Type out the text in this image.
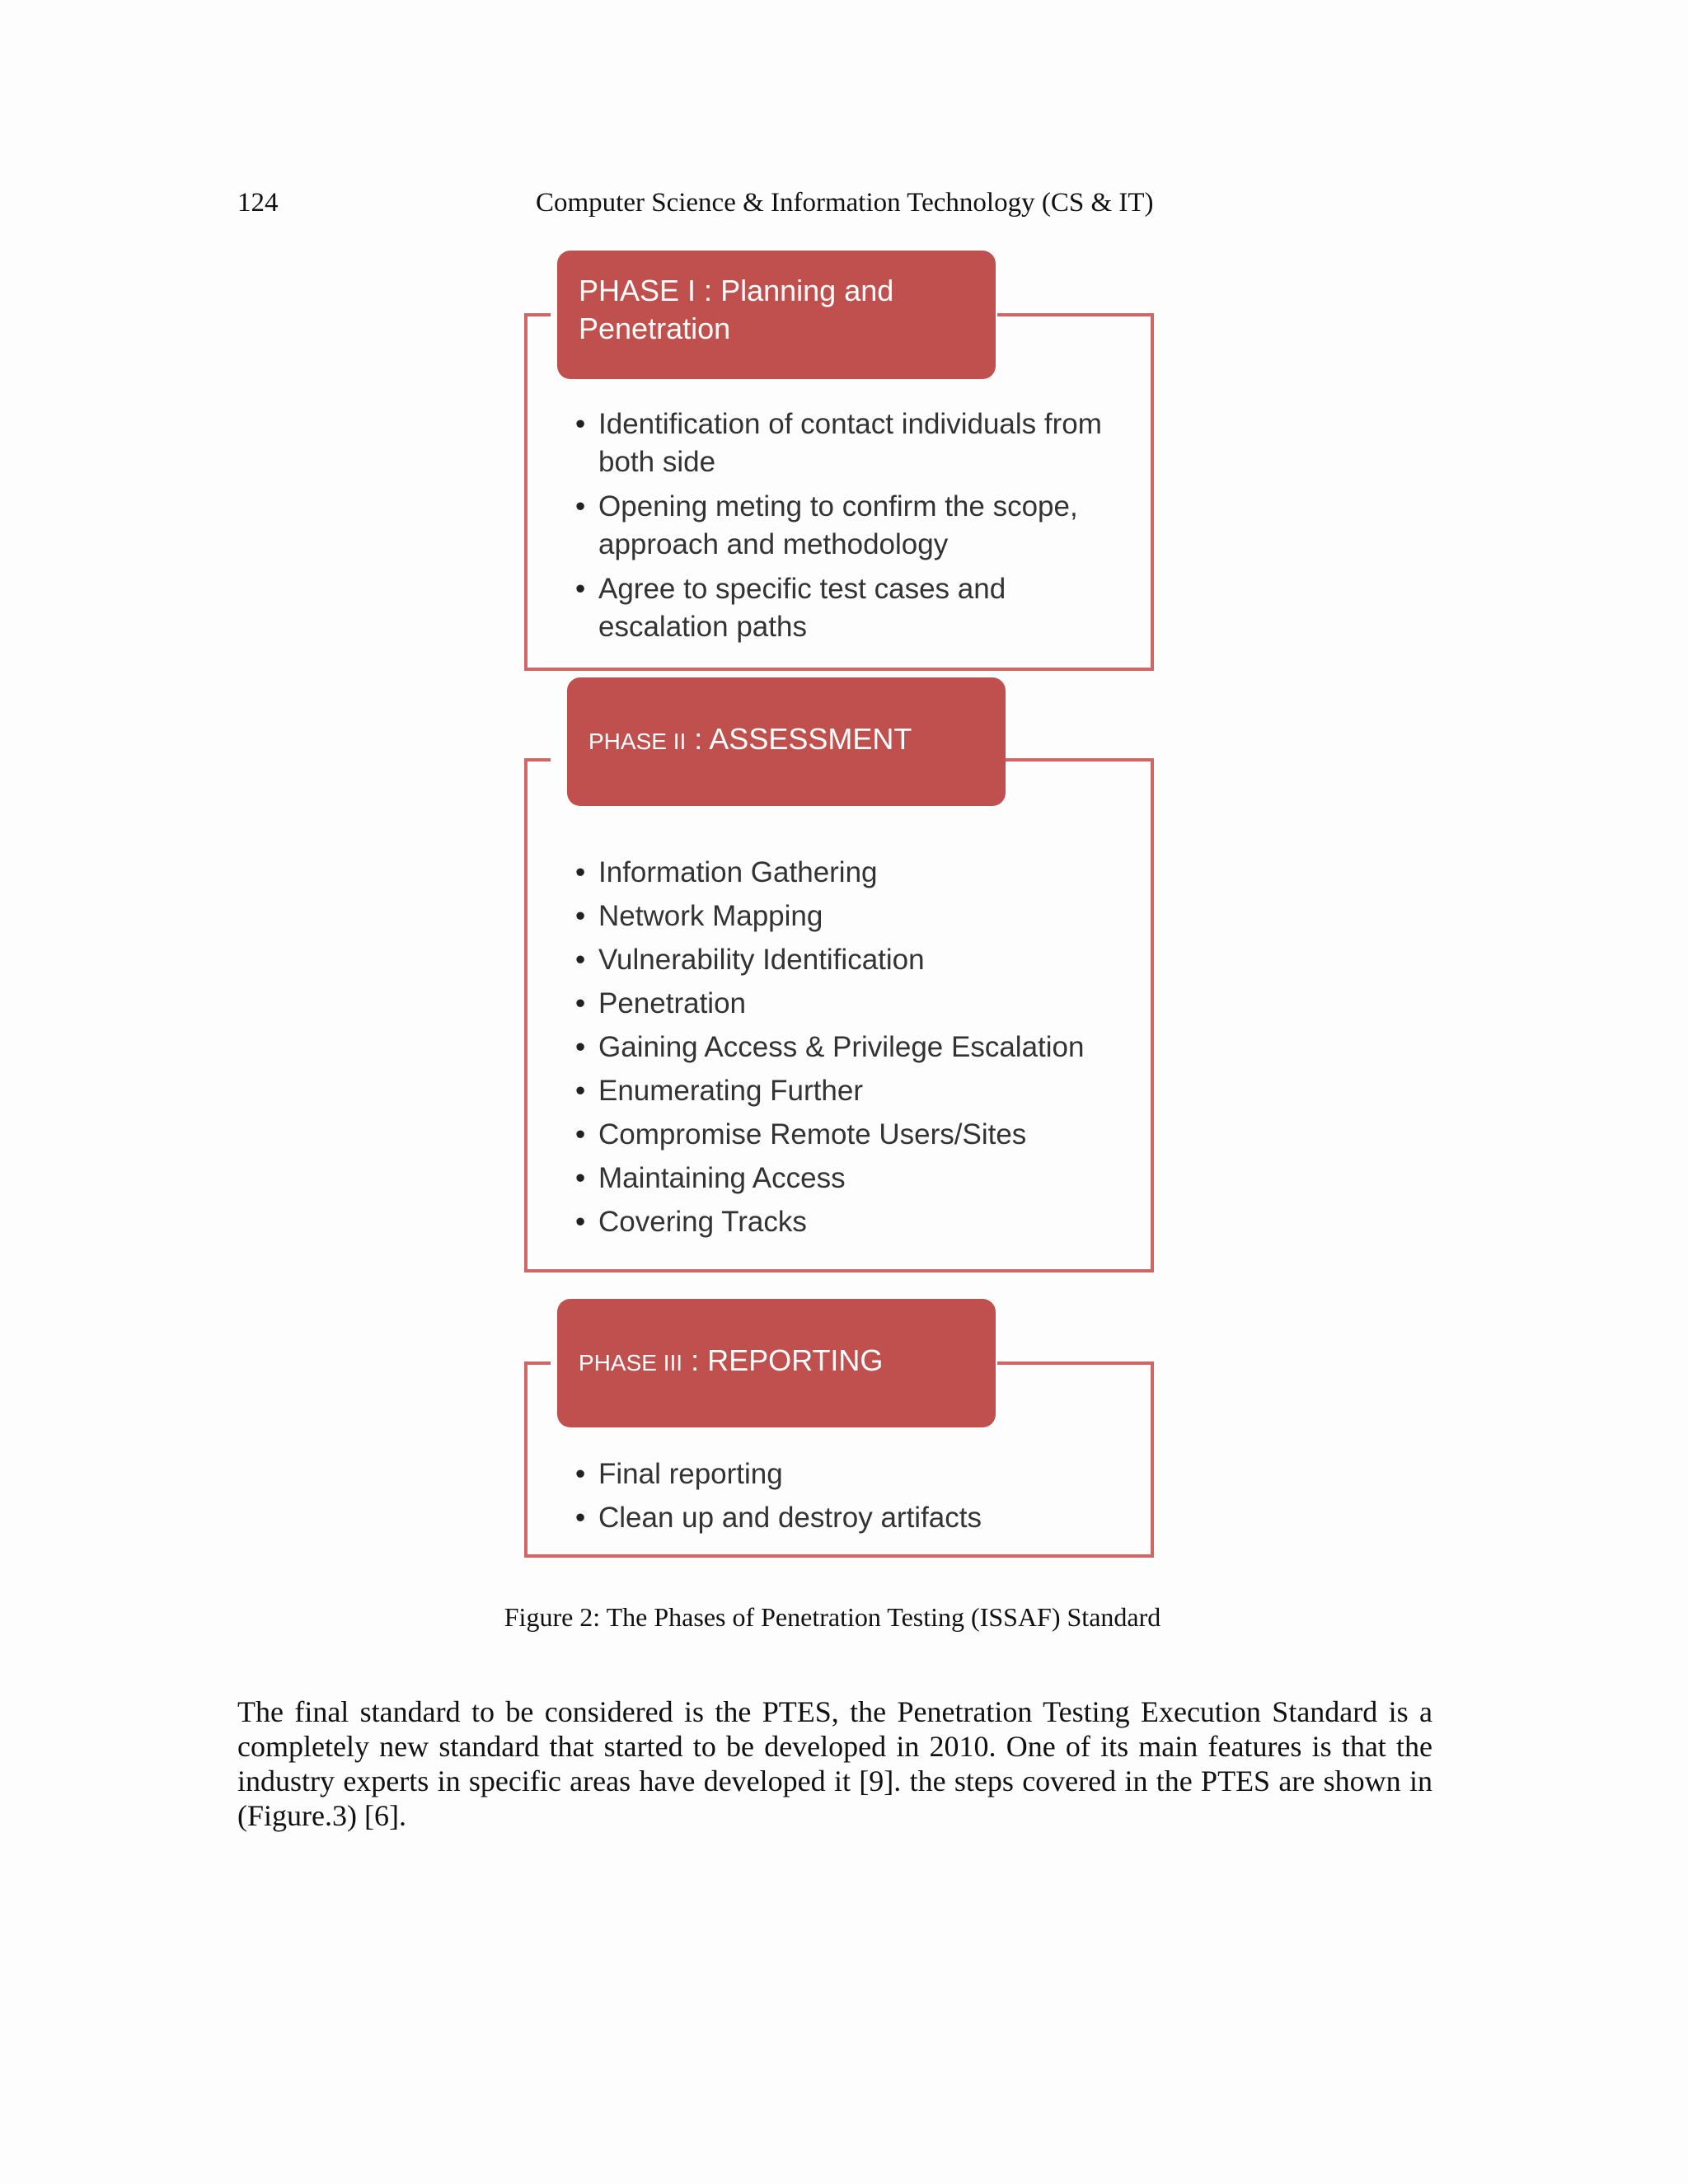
124	Computer Science & Information Technology (CS & IT)
PHASE I : Planning and Penetration
• Identification of contact individuals from both side
• Opening meting to confirm the scope, approach and methodology
• Agree to specific test cases and escalation paths
PHASE II : ASSESSMENT
• Information Gathering
• Network Mapping
• Vulnerability Identification
• Penetration
• Gaining Access & Privilege Escalation
• Enumerating Further
• Compromise Remote Users/Sites
• Maintaining Access
• Covering Tracks
PHASE III : REPORTING
• Final reporting
• Clean up and destroy artifacts
Figure 2: The Phases of Penetration Testing (ISSAF) Standard

The final standard to be considered is the PTES, the Penetration Testing Execution Standard is a completely new standard that started to be developed in 2010. One of its main features is that the industry experts in specific areas have developed it [9]. the steps covered in the PTES are shown in (Figure.3) [6].
